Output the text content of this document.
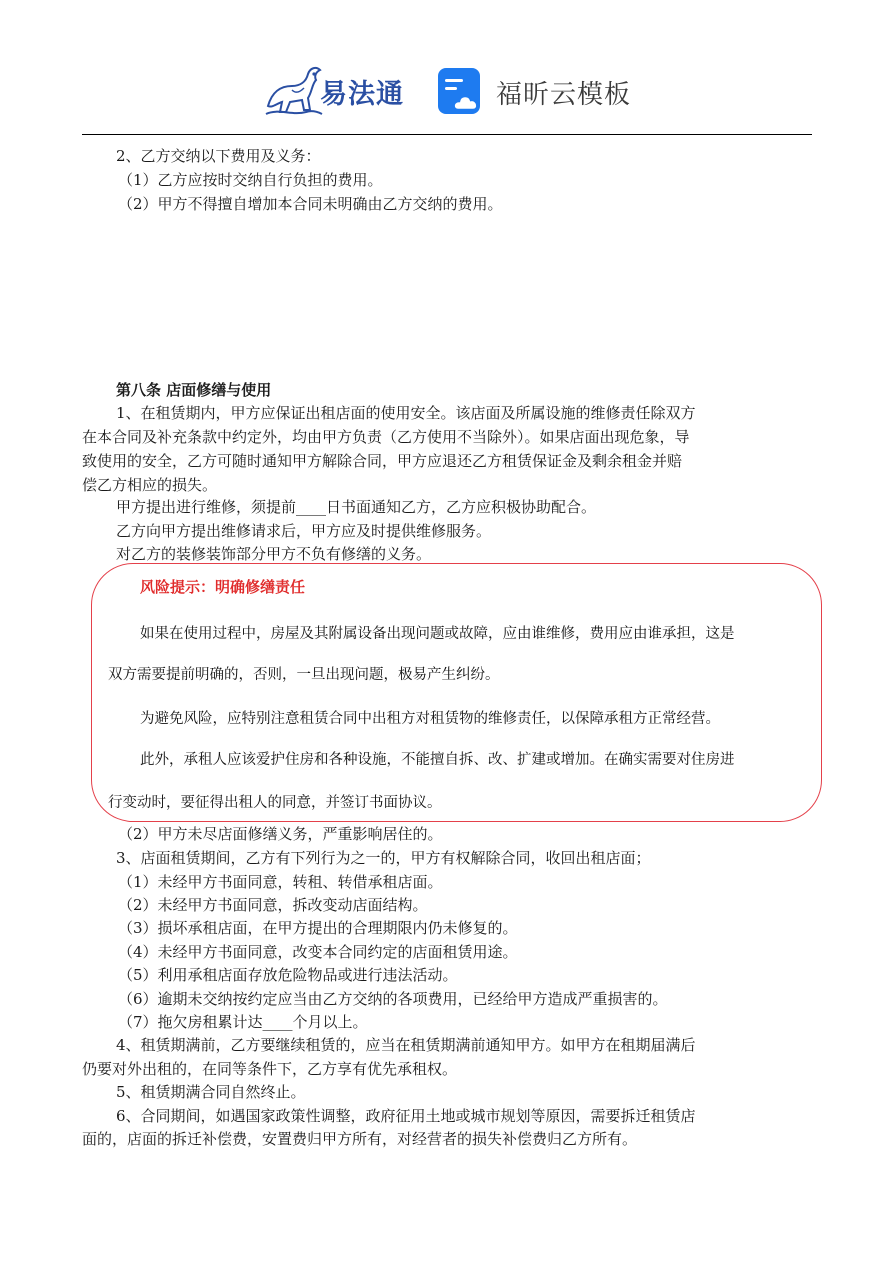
易法通	福昕云模板
2、乙方交纳以下费用及义务：
（1）乙方应按时交纳自行负担的费用。
（2）甲方不得擅自增加本合同未明确由乙方交纳的费用。
第八条 店面修缮与使用
1、在租赁期内，甲方应保证出租店面的使用安全。该店面及所属设施的维修责任除双方
在本合同及补充条款中约定外，均由甲方负责（乙方使用不当除外）。如果店面出现危象，导
致使用的安全，乙方可随时通知甲方解除合同，甲方应退还乙方租赁保证金及剩余租金并赔
偿乙方相应的损失。
甲方提出进行维修，须提前____日书面通知乙方，乙方应积极协助配合。
乙方向甲方提出维修请求后，甲方应及时提供维修服务。
对乙方的装修装饰部分甲方不负有修缮的义务。
风险提示：明确修缮责任
如果在使用过程中，房屋及其附属设备出现问题或故障，应由谁维修，费用应由谁承担，这是
双方需要提前明确的，否则，一旦出现问题，极易产生纠纷。
为避免风险，应特别注意租赁合同中出租方对租赁物的维修责任，以保障承租方正常经营。
此外，承租人应该爱护住房和各种设施，不能擅自拆、改、扩建或增加。在确实需要对住房进
行变动时，要征得出租人的同意，并签订书面协议。
（2）甲方未尽店面修缮义务，严重影响居住的。
3、店面租赁期间，乙方有下列行为之一的，甲方有权解除合同，收回出租店面；
（1）未经甲方书面同意，转租、转借承租店面。
（2）未经甲方书面同意，拆改变动店面结构。
（3）损坏承租店面，在甲方提出的合理期限内仍未修复的。
（4）未经甲方书面同意，改变本合同约定的店面租赁用途。
（5）利用承租店面存放危险物品或进行违法活动。
（6）逾期未交纳按约定应当由乙方交纳的各项费用，已经给甲方造成严重损害的。
（7）拖欠房租累计达____个月以上。
4、租赁期满前，乙方要继续租赁的，应当在租赁期满前通知甲方。如甲方在租期届满后
仍要对外出租的，在同等条件下，乙方享有优先承租权。
5、租赁期满合同自然终止。
6、合同期间，如遇国家政策性调整，政府征用土地或城市规划等原因，需要拆迁租赁店
面的，店面的拆迁补偿费，安置费归甲方所有，对经营者的损失补偿费归乙方所有。
